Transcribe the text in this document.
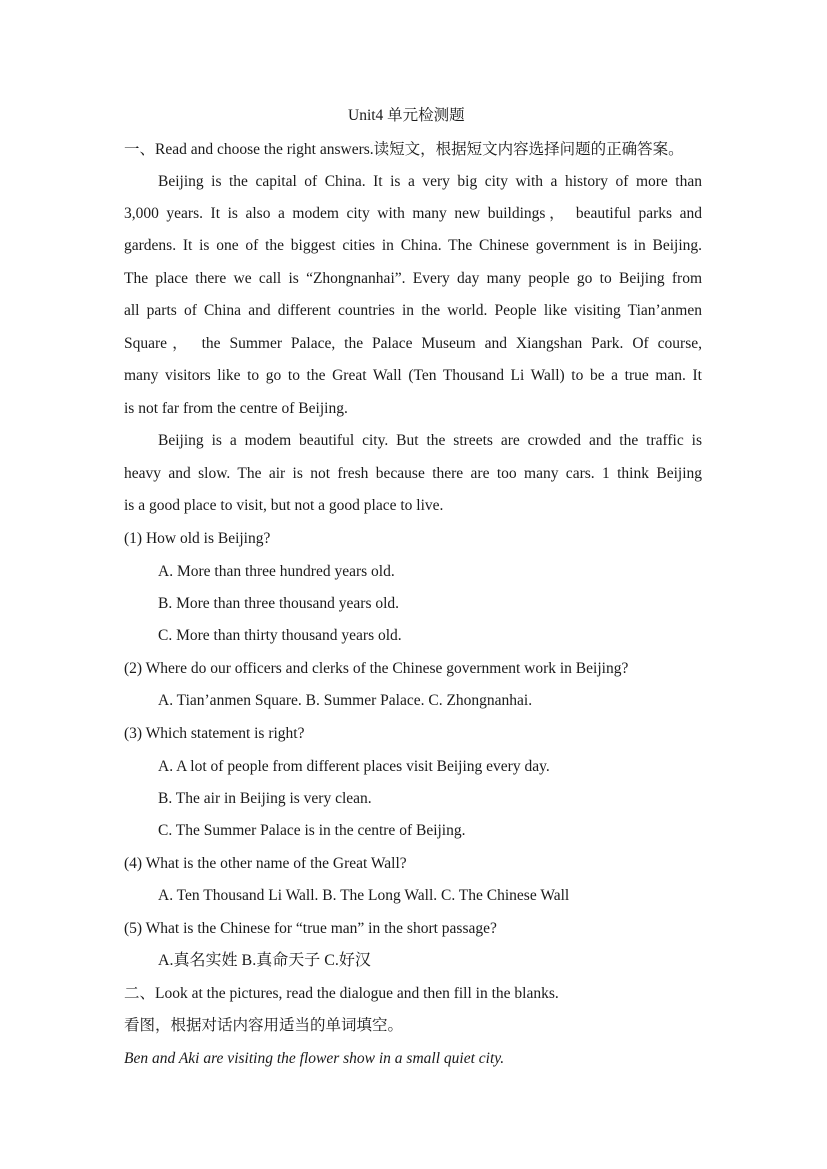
Unit4 单元检测题
一、Read and choose the right answers.读短文，根据短文内容选择问题的正确答案。
Beijing is the capital of China. It is a very big city with a history of more than
3,000 years. It is also a modem city with many new buildings， beautiful parks and
gardens. It is one of the biggest cities in China. The Chinese government is in Beijing.
The place there we call is “Zhongnanhai”. Every day many people go to Beijing from
all parts of China and different countries in the world. People like visiting Tian’anmen
Square， the Summer Palace, the Palace Museum and Xiangshan Park. Of course,
many visitors like to go to the Great Wall (Ten Thousand Li Wall) to be a true man. It
is not far from the centre of Beijing.
Beijing is a modem beautiful city. But the streets are crowded and the traffic is
heavy and slow. The air is not fresh because there are too many cars. 1 think Beijing
is a good place to visit, but not a good place to live.
(1) How old is Beijing?
A. More than three hundred years old.
B. More than three thousand years old.
C. More than thirty thousand years old.
(2) Where do our officers and clerks of the Chinese government work in Beijing?
A. Tian’anmen Square. B. Summer Palace. C. Zhongnanhai.
(3) Which statement is right?
A. A lot of people from different places visit Beijing every day.
B. The air in Beijing is very clean.
C. The Summer Palace is in the centre of Beijing.
(4) What is the other name of the Great Wall?
A. Ten Thousand Li Wall. B. The Long Wall. C. The Chinese Wall
(5) What is the Chinese for “true man” in the short passage?
A.真名实姓 B.真命天子 C.好汉
二、Look at the pictures, read the dialogue and then fill in the blanks.
看图，根据对话内容用适当的单词填空。
Ben and Aki are visiting the flower show in a small quiet city.
